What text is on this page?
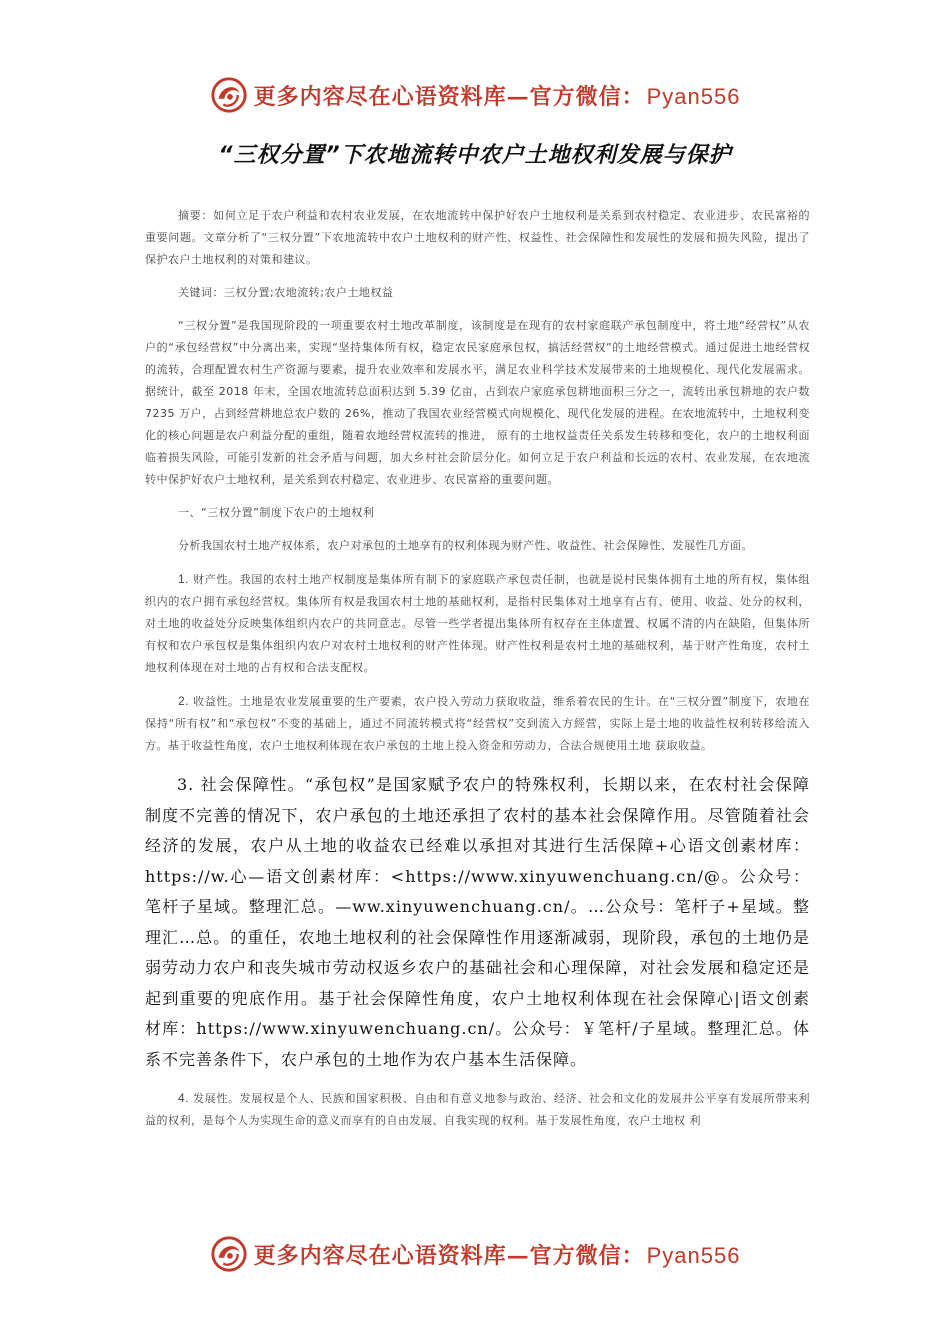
更多内容尽在心语资料库—官方微信：Pyan556
“三权分置”下农地流转中农户土地权利发展与保护

摘要：如何立足于农户利益和农村农业发展，在农地流转中保护好农户土地权利是关系到农村稳定、农业进步、农民富裕的重要问题。文章分析了“三权分置”下农地流转中农户土地权利的财产性、权益性、社会保障性和发展性的发展和损失风险，提出了保护农户土地权利的对策和建议。

关键词：三权分置;农地流转;农户土地权益

“三权分置”是我国现阶段的一项重要农村土地改革制度，该制度是在现有的农村家庭联产承包制度中，将土地“经营权”从农户的“承包经营权”中分离出来，实现“坚持集体所有权，稳定农民家庭承包权，搞活经营权”的土地经营模式。通过促进土地经营权的流转，合理配置农村生产资源与要素，提升农业效率和发展水平，满足农业科学技术发展带来的土地规模化、现代化发展需求。据统计，截至 2018 年末，全国农地流转总面积达到 5.39 亿亩，占到农户家庭承包耕地面积三分之一，流转出承包耕地的农户数 7235 万户，占到经营耕地总农户数的 26%，推动了我国农业经营模式向规模化、现代化发展的进程。在农地流转中，土地权利变化的核心问题是农户利益分配的重组，随着农地经营权流转的推进， 原有的土地权益责任关系发生转移和变化，农户的土地权利面临着损失风险，可能引发新的社会矛盾与问题，加大乡村社会阶层分化。如何立足于农户利益和长远的农村、农业发展，在农地流转中保护好农户土地权利，是关系到农村稳定、农业进步、农民富裕的重要问题。

一、“三权分置”制度下农户的土地权利

分析我国农村土地产权体系，农户对承包的土地享有的权利体现为财产性、收益性、社会保障性、发展性几方面。

1. 财产性。我国的农村土地产权制度是集体所有制下的家庭联产承包责任制，也就是说村民集体拥有土地的所有权，集体组织内的农户拥有承包经营权。集体所有权是我国农村土地的基础权利，是指村民集体对土地享有占有、使用、收益、处分的权利，对土地的收益处分反映集体组织内农户的共同意志。尽管一些学者提出集体所有权存在主体虚置、权属不清的内在缺陷，但集体所有权和农户承包权是集体组织内农户对农村土地权利的财产性体现。财产性权利是农村土地的基础权利，基于财产性角度，农村土地权利体现在对土地的占有权和合法支配权。

2. 收益性。土地是农业发展重要的生产要素，农户投入劳动力获取收益，维系着农民的生计。在“三权分置”制度下，农地在保持“所有权”和“承包权”不变的基础上，通过不同流转模式将“经营权”交到流入方經营，实际上是土地的收益性权利转移给流入方。基于收益性角度，农户土地权利体现在农户承包的土地上投入资金和劳动力，合法合规使用土地 获取收益。

3. 社会保障性。“承包权”是国家赋予农户的特殊权利，长期以来，在农村社会保障制度不完善的情况下，农户承包的土地还承担了农村的基本社会保障作用。尽管随着社会经济的发展，农户从土地的收益农已经难以承担对其进行生活保障+心语文创素材库：https://w.心—语文创素材库：<https://www.xinyuwenchuang.cn/@。公众号：笔杆子星域。整理汇总。—ww.xinyuwenchuang.cn/。…公众号：笔杆子+星域。整理汇…总。的重任，农地土地权利的社会保障性作用逐渐减弱，现阶段，承包的土地仍是弱劳动力农户和丧失城市劳动权返乡农户的基础社会和心理保障，对社会发展和稳定还是起到重要的兜底作用。基于社会保障性角度，农户土地权利体现在社会保障心|语文创素材库：https://www.xinyuwenchuang.cn/。公众号：￥笔杆/子星域。整理汇总。体系不完善条件下，农户承包的土地作为农户基本生活保障。

4. 发展性。发展权是个人、民族和国家积极、自由和有意义地参与政治、经济、社会和文化的发展并公平享有发展所带来利益的权利，是每个人为实现生命的意义而享有的自由发展、自我实现的权利。基于发展性角度，农户土地权 利

更多内容尽在心语资料库—官方微信：Pyan556
